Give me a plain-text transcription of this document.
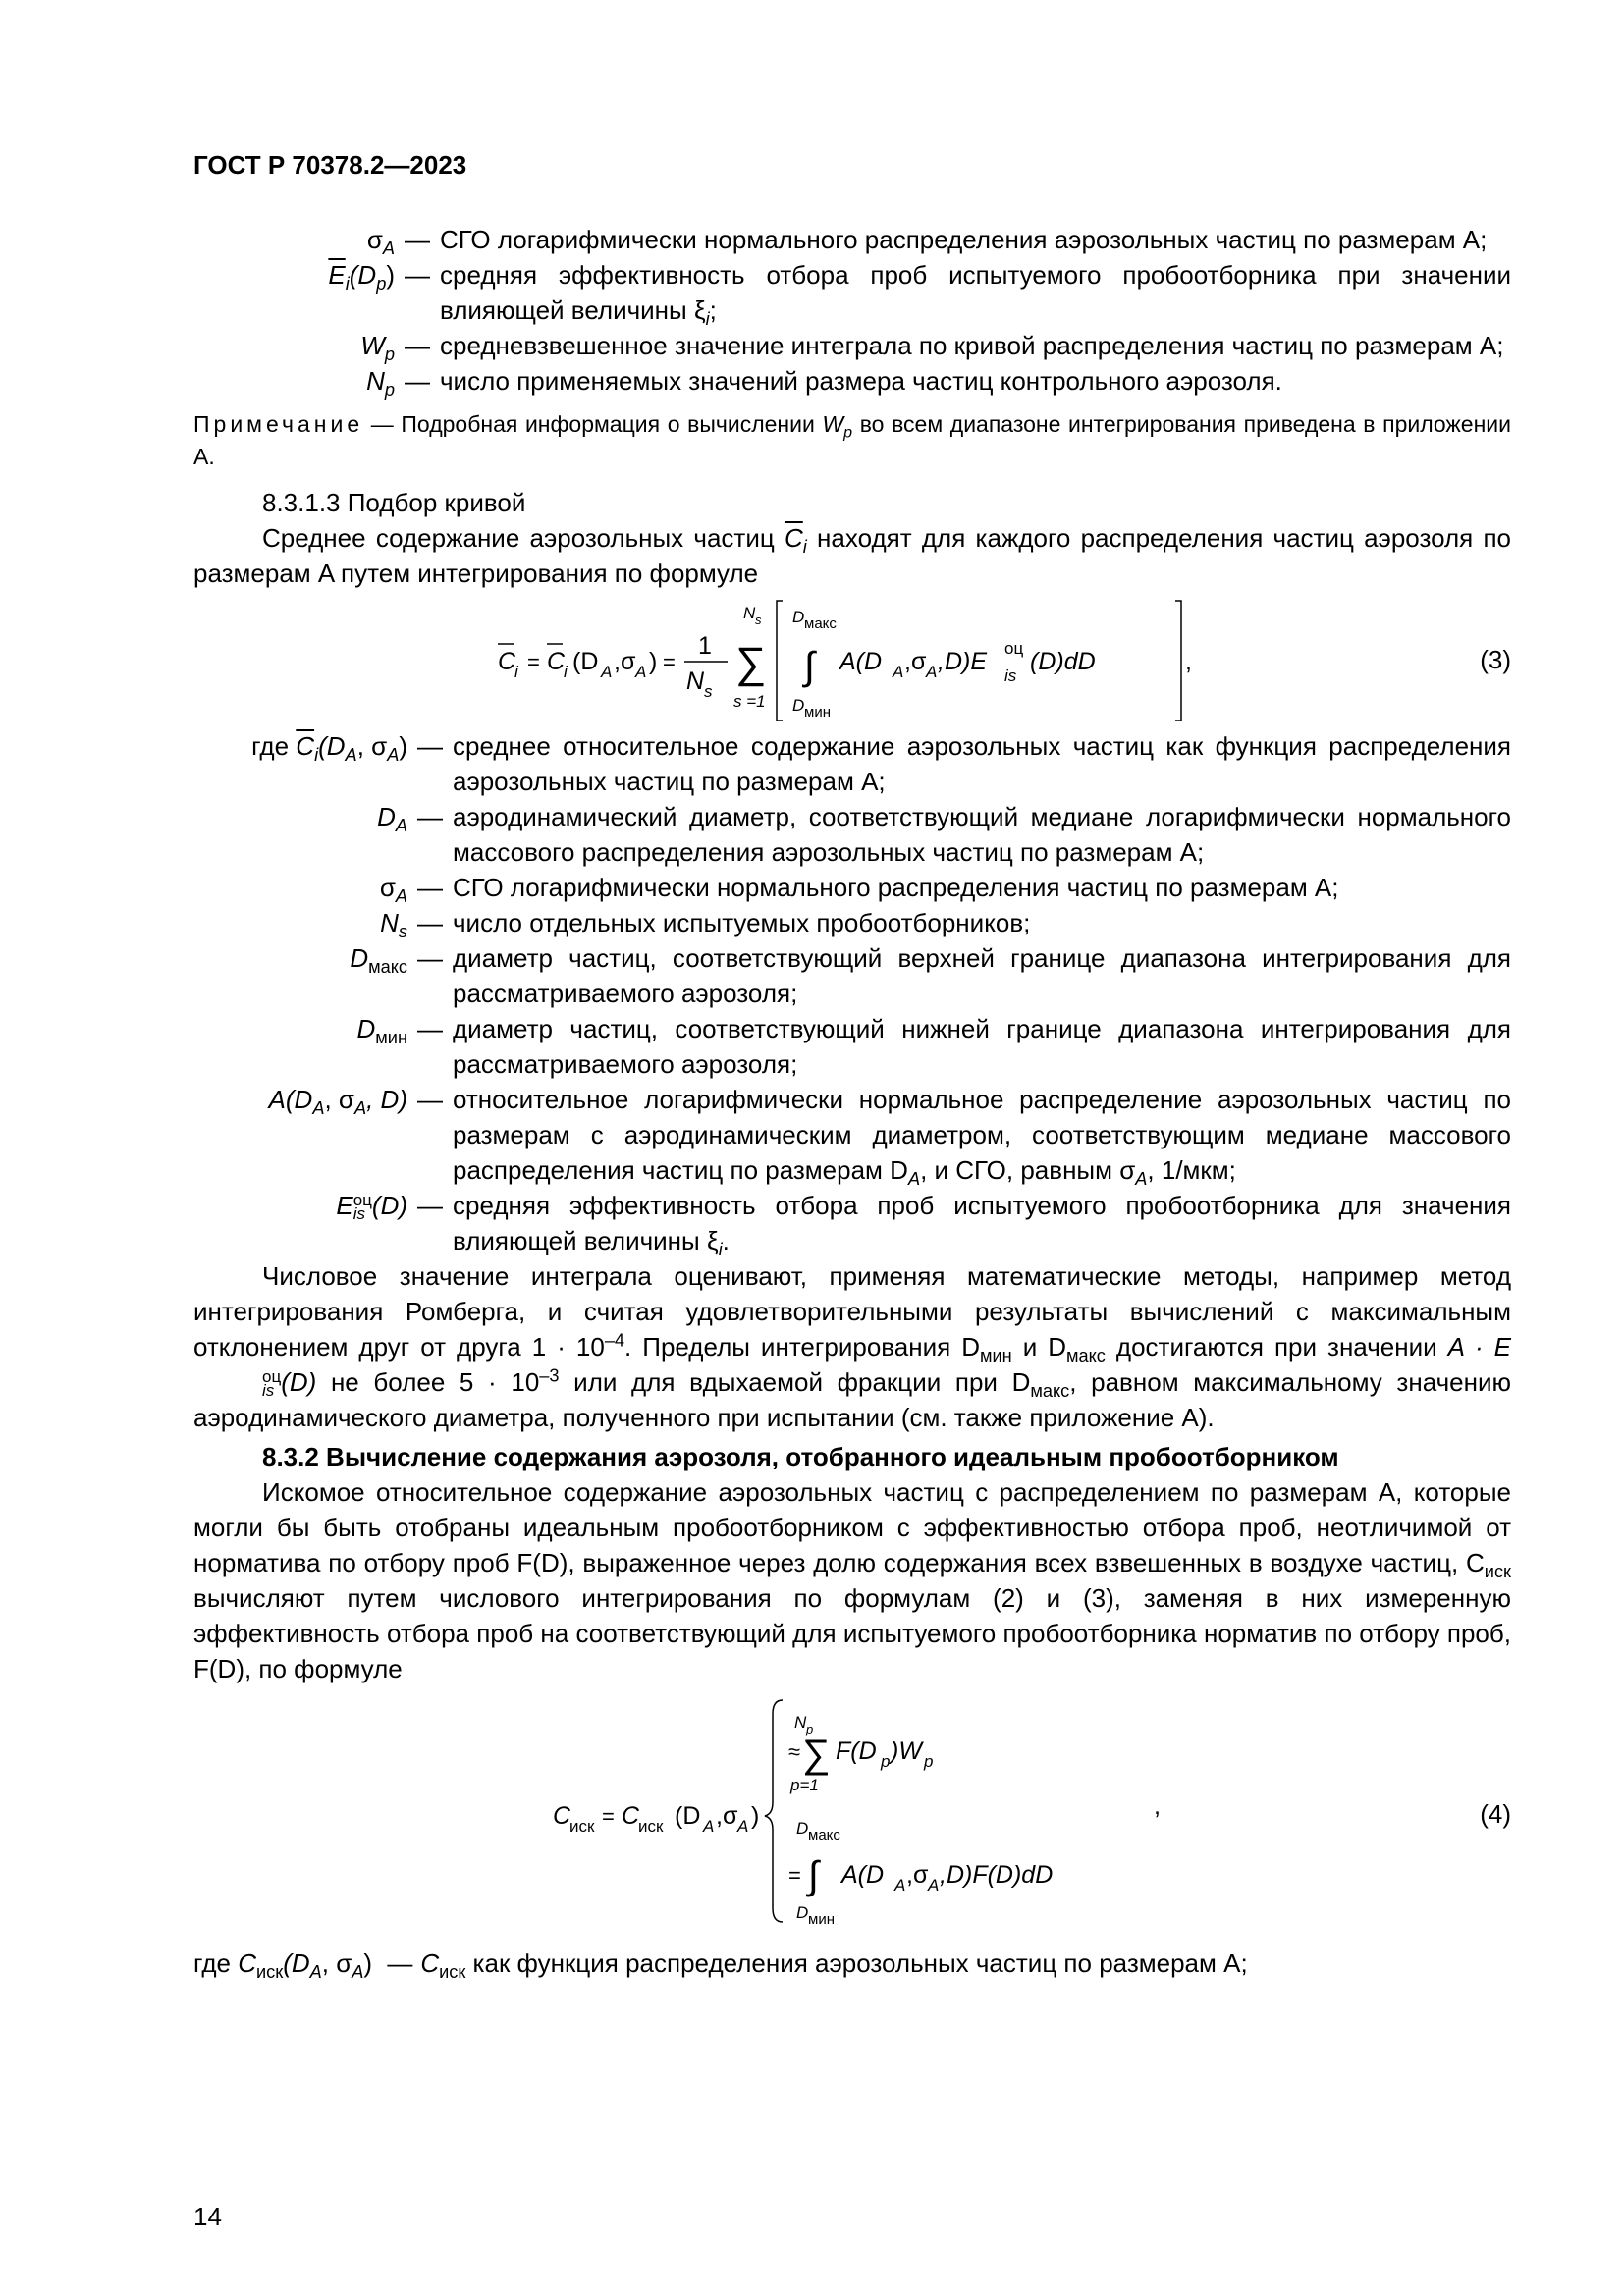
ГОСТ Р 70378.2—2023
$\sigma_A$ — СГО логарифмически нормального распределения аэрозольных частиц по размерам A;
$\overline{E}_i(D_p)$ — средняя эффективность отбора проб испытуемого пробоотборника при значении влияющей величины $\xi_i$;
$W_p$ — средневзвешенное значение интеграла по кривой распределения частиц по размерам A;
$N_p$ — число применяемых значений размера частиц контрольного аэрозоля.
Примечание — Подробная информация о вычислении $W_p$ во всем диапазоне интегрирования приведена в приложении А.

8.3.1.3 Подбор кривой

Среднее содержание аэрозольных частиц $\overline{C}_i$ находят для каждого распределения частиц аэрозоля по размерам A путем интегрирования по формуле

C
i = C
i (D A ,σ A ) =
1
N s
N s
∑
s =1
D макс
∫
D мин
A(D A ,σ A ,D)E оц
is
(D)dD	,	(3)
где $\overline{C}_i(D_A$, $\sigma_A$) — среднее относительное содержание аэрозольных частиц как функция распределения аэрозольных частиц по размерам A;
$D_A$ — аэродинамический диаметр, соответствующий медиане логарифмически нормального массового распределения аэрозольных частиц по размерам A;
$\sigma_A$ — СГО логарифмически нормального распределения частиц по размерам A;
$N_s$ — число отдельных испытуемых пробоотборников;
$D_{макс}$ — диаметр частиц, соответствующий верхней границе диапазона интегрирования для рассматриваемого аэрозоля;
$D_{мин}$ — диаметр частиц, соответствующий нижней границе диапазона интегрирования для рассматриваемого аэрозоля;
$A(D_A$, $\sigma_A$, D) — относительное логарифмически нормальное распределение аэрозольных частиц по размерам с аэродинамическим диаметром, соответствующим медиане массового распределения частиц по размерам $D_A$, и СГО, равным $\sigma_A$, 1/мкм;
E оц
is (D) — средняя эффективность отбора проб испытуемого пробоотборника для значения влияющей величины $\xi_i$.

Числовое значение интеграла оценивают, применяя математические методы, например метод интегрирования Ромберга, и считая удовлетворительными результаты вычислений с максимальным отклонением друг от друга $1 \cdot 10^{-4}$. Пределы интегрирования $D_{мин}$ и $D_{макс}$ достигаются при значении A · E
оц
is (D) не более $5 \cdot 10^{-3}$ или для вдыхаемой фракции при $D_{макс}$, равном максимальному значению аэродинамического диаметра, полученного при испытании (см. также приложение А).

8.3.2 Вычисление содержания аэрозоля, отобранного идеальным пробоотборником

Искомое относительное содержание аэрозольных частиц с распределением по размерам A, которые могли бы быть отобраны идеальным пробоотборником с эффективностью отбора проб, неотличимой от норматива по отбору проб F(D), выраженное через долю содержания всех взвешенных в воздухе частиц, $C_{иск}$ вычисляют путем числового интегрирования по формулам (2) и (3), заменяя в них измеренную эффективность отбора проб на соответствующий для испытуемого пробоотборника норматив по отбору проб, F(D), по формуле

C
иск = C
иск (D A ,σ A )
N p
≈ ∑
p=1
F(D p )W p
D макс
= ∫
D мин
A(D A ,σ A ,D)F(D)dD
,	(4)
где $C_{иск}(D_A$, $\sigma_A$) — $C_{иск}$ как функция распределения аэрозольных частиц по размерам A;
14
